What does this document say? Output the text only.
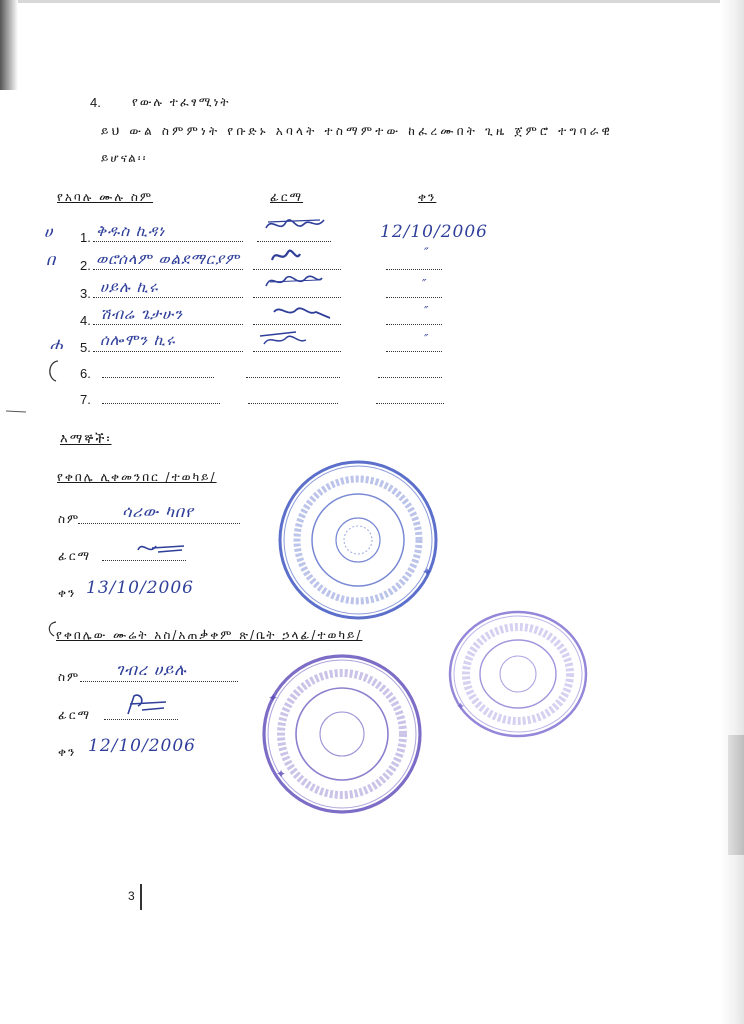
4.	የውሉ ተፈፃሚነት
ይህ ውል ስምምነት የቡድኑ አባላት ተስማምተው ከፈረሙበት ጊዜ ጀምሮ ተግባራዊ
ይሆናል፡፡
የአባሉ ሙሉ ስም	ፊርማ	ቀን
ሀ
በ
ሐ
1. ቅዱስ ኪዳነ	12/10/2006
2. ወሮሰላም ወልደማርያም	″
3. ሀይሉ ኪሩ	″
4. ሽብሬ ጌታሁን	″
5. ሰሎሞን ኪሩ	″
6.
7.
እማኞች፡
የቀበሌ ሊቀመንበር /ተወካይ/
ስም	ሳሪው ካበየ
ፊርማ
ቀን 13/10/2006
የቀበሌው ሙሬት አስ/አጠቃቀም ጽ/ቤት ኃላፊ/ተወካይ/
ስም ገብረ ሀይሉ
ፊርማ
ቀን 12/10/2006
✦
✦
✦
✦
3
